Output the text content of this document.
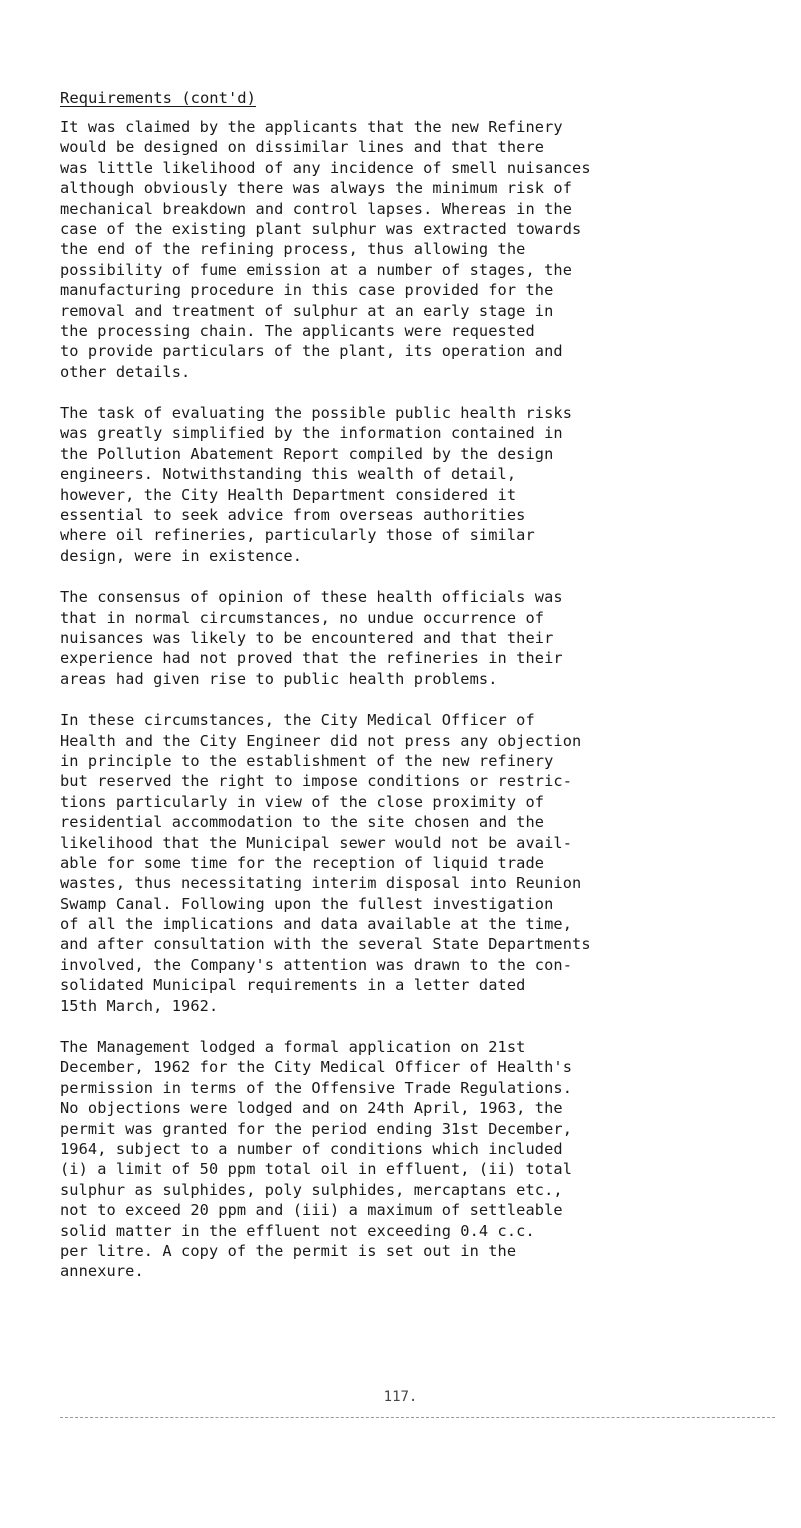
Requirements (cont'd)
It was claimed by the applicants that the new Refinery
would be designed on dissimilar lines and that there
was little likelihood of any incidence of smell nuisances
although obviously there was always the minimum risk of
mechanical breakdown and control lapses. Whereas in the
case of the existing plant sulphur was extracted towards
the end of the refining process, thus allowing the
possibility of fume emission at a number of stages, the
manufacturing procedure in this case provided for the
removal and treatment of sulphur at an early stage in
the processing chain. The applicants were requested
to provide particulars of the plant, its operation and
other details.
The task of evaluating the possible public health risks
was greatly simplified by the information contained in
the Pollution Abatement Report compiled by the design
engineers. Notwithstanding this wealth of detail,
however, the City Health Department considered it
essential to seek advice from overseas authorities
where oil refineries, particularly those of similar
design, were in existence.
The consensus of opinion of these health officials was
that in normal circumstances, no undue occurrence of
nuisances was likely to be encountered and that their
experience had not proved that the refineries in their
areas had given rise to public health problems.
In these circumstances, the City Medical Officer of
Health and the City Engineer did not press any objection
in principle to the establishment of the new refinery
but reserved the right to impose conditions or restric-
tions particularly in view of the close proximity of
residential accommodation to the site chosen and the
likelihood that the Municipal sewer would not be avail-
able for some time for the reception of liquid trade
wastes, thus necessitating interim disposal into Reunion
Swamp Canal. Following upon the fullest investigation
of all the implications and data available at the time,
and after consultation with the several State Departments
involved, the Company's attention was drawn to the con-
solidated Municipal requirements in a letter dated
15th March, 1962.
The Management lodged a formal application on 21st
December, 1962 for the City Medical Officer of Health's
permission in terms of the Offensive Trade Regulations.
No objections were lodged and on 24th April, 1963, the
permit was granted for the period ending 31st December,
1964, subject to a number of conditions which included
(i) a limit of 50 ppm total oil in effluent, (ii) total
sulphur as sulphides, poly sulphides, mercaptans etc.,
not to exceed 20 ppm and (iii) a maximum of settleable
solid matter in the effluent not exceeding 0.4 c.c.
per litre. A copy of the permit is set out in the
annexure.
117.
